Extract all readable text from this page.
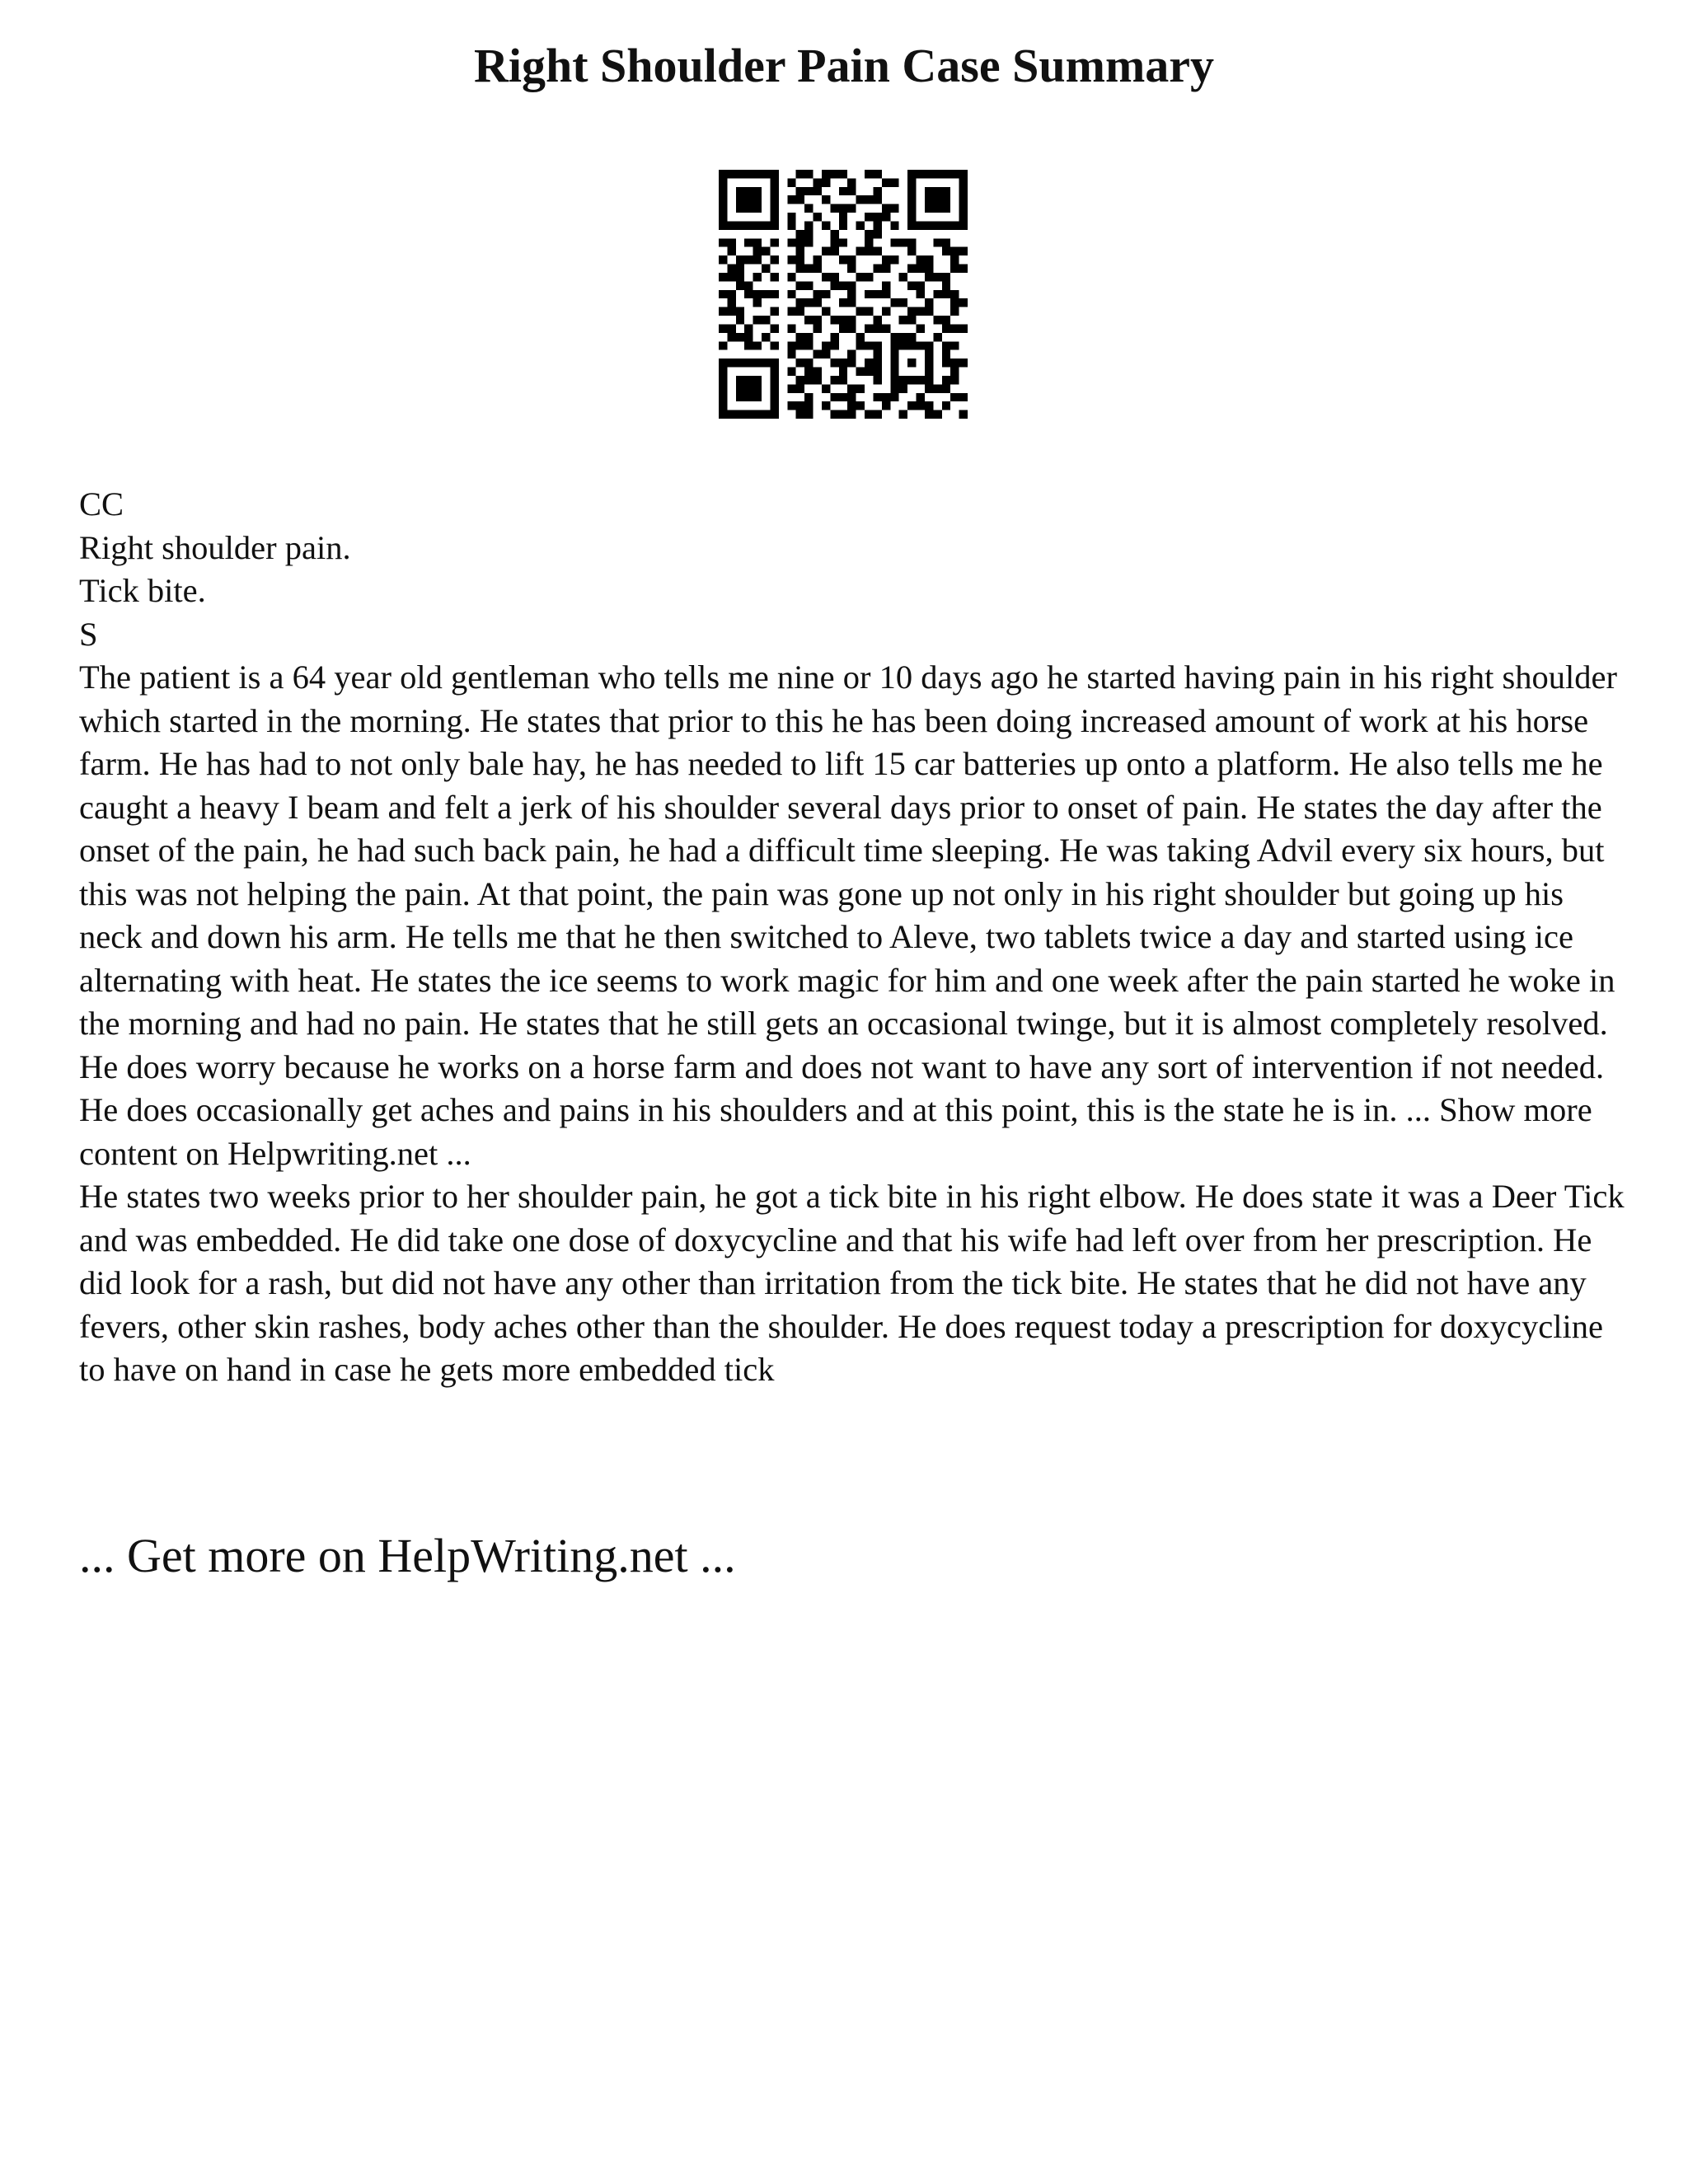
Right Shoulder Pain Case Summary
CC
Right shoulder pain.
Tick bite.
S

The patient is a 64 year old gentleman who tells me nine or 10 days ago he started having pain in his right shoulder which started in the morning. He states that prior to this he has been doing increased amount of work at his horse farm. He has had to not only bale hay, he has needed to lift 15 car batteries up onto a platform. He also tells me he caught a heavy I beam and felt a jerk of his shoulder several days prior to onset of pain. He states the day after the onset of the pain, he had such back pain, he had a difficult time sleeping. He was taking Advil every six hours, but this was not helping the pain. At that point, the pain was gone up not only in his right shoulder but going up his neck and down his arm. He tells me that he then switched to Aleve, two tablets twice a day and started using ice alternating with heat. He states the ice seems to work magic for him and one week after the pain started he woke in the morning and had no pain. He states that he still gets an occasional twinge, but it is almost completely resolved. He does worry because he works on a horse farm and does not want to have any sort of intervention if not needed. He does occasionally get aches and pains in his shoulders and at this point, this is the state he is in. ... Show more content on Helpwriting.net ...

He states two weeks prior to her shoulder pain, he got a tick bite in his right elbow. He does state it was a Deer Tick and was embedded. He did take one dose of doxycycline and that his wife had left over from her prescription. He did look for a rash, but did not have any other than irritation from the tick bite. He states that he did not have any fevers, other skin rashes, body aches other than the shoulder. He does request today a prescription for doxycycline to have on hand in case he gets more embedded tick

... Get more on HelpWriting.net ...
